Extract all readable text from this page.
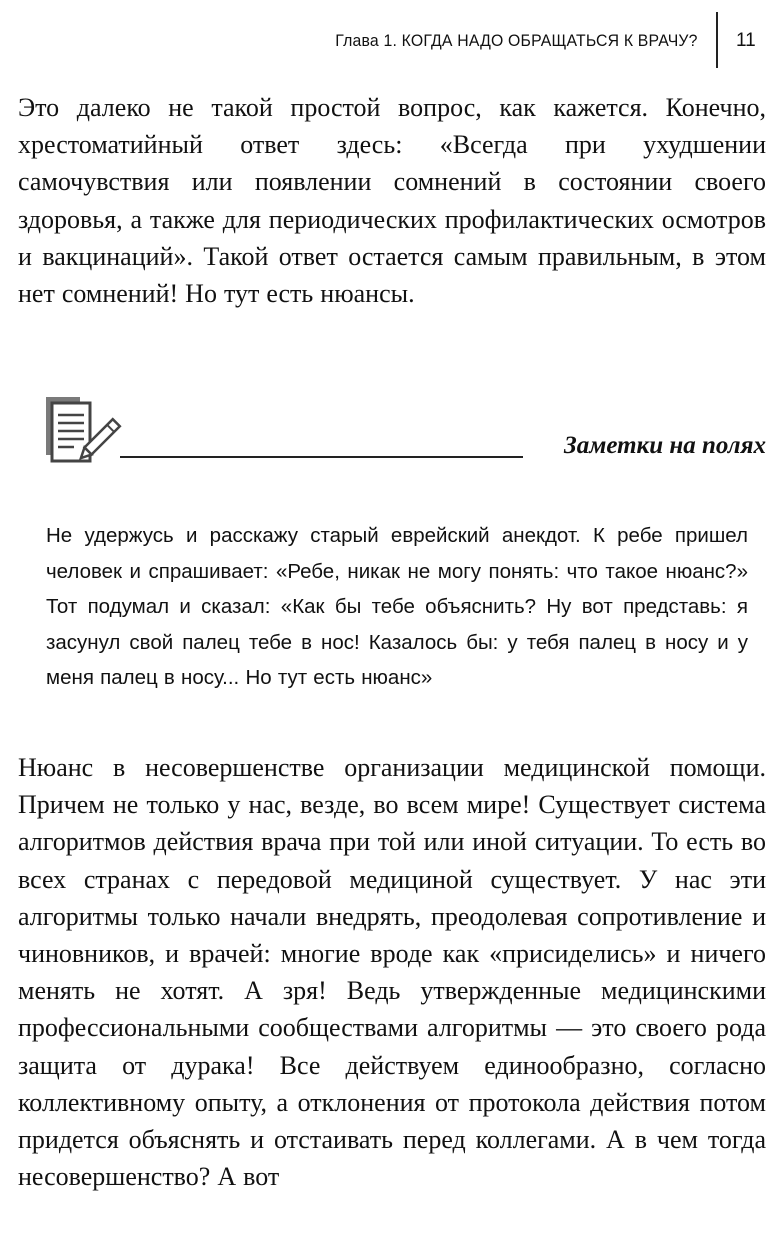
Глава 1. КОГДА НАДО ОБРАЩАТЬСЯ К ВРАЧУ? 11

Это далеко не такой простой вопрос, как кажется. Конечно, хрестоматийный ответ здесь: «Всегда при ухудшении самочувствия или появлении сомнений в состоянии своего здоровья, а также для периодических профилактических осмотров и вакцинаций». Такой ответ остается самым правильным, в этом нет сомнений! Но тут есть нюансы.

Заметки на полях

Не удержусь и расскажу старый еврейский анекдот. К ребе пришел человек и спрашивает: «Ребе, никак не могу понять: что такое нюанс?» Тот подумал и сказал: «Как бы тебе объяснить? Ну вот представь: я засунул свой палец тебе в нос! Казалось бы: у тебя палец в носу и у меня палец в носу... Но тут есть нюанс»

Нюанс в несовершенстве организации медицинской помощи. Причем не только у нас, везде, во всем мире! Существует система алгоритмов действия врача при той или иной ситуации. То есть во всех странах с передовой медициной существует. У нас эти алгоритмы только начали внедрять, преодолевая сопротивление и чиновников, и врачей: многие вроде как «присиделись» и ничего менять не хотят. А зря! Ведь утвержденные медицинскими профессиональными сообществами алгоритмы — это своего рода защита от дурака! Все действуем единообразно, согласно коллективному опыту, а отклонения от протокола действия потом придется объяснять и отстаивать перед коллегами. А в чем тогда несовершенство? А вот
